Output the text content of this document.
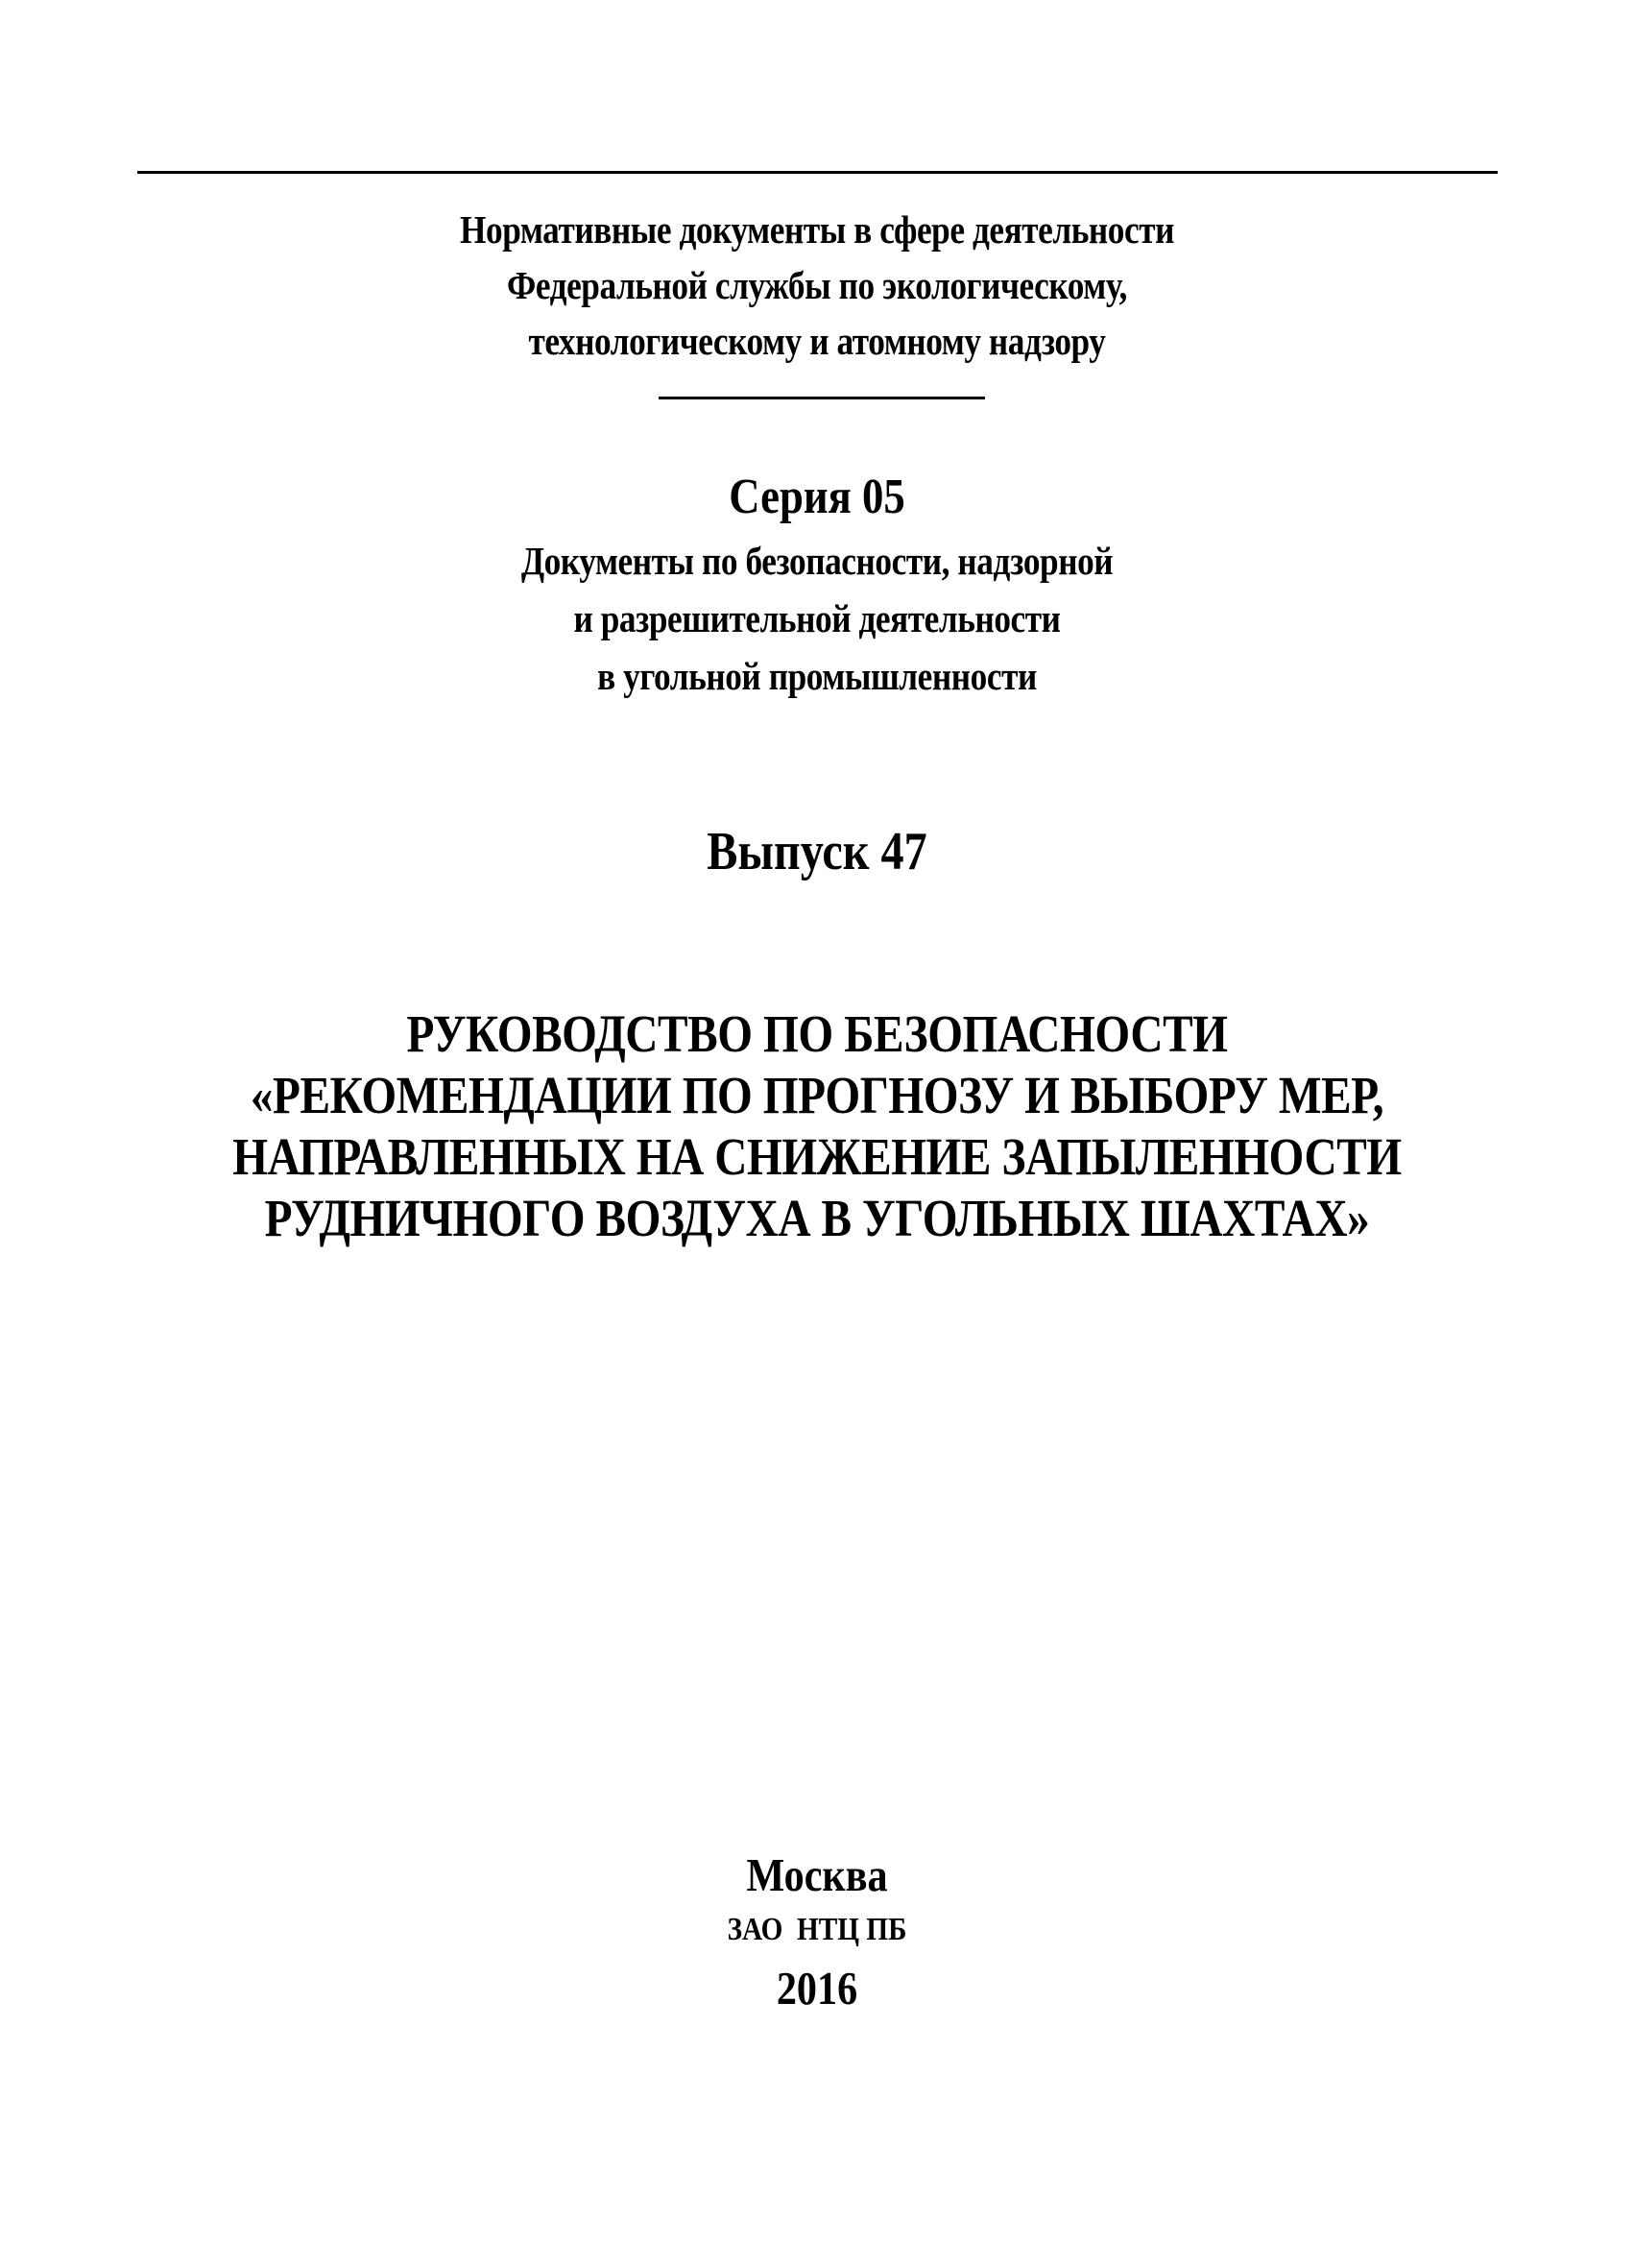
Нормативные документы в сфере деятельности
Федеральной службы по экологическому,
технологическому и атомному надзору
Серия 05
Документы по безопасности, надзорной
и разрешительной деятельности
в угольной промышленности
Выпуск 47
РУКОВОДСТВО ПО БЕЗОПАСНОСТИ
«РЕКОМЕНДАЦИИ ПО ПРОГНОЗУ И ВЫБОРУ МЕР,
НАПРАВЛЕННЫХ НА СНИЖЕНИЕ ЗАПЫЛЕННОСТИ
РУДНИЧНОГО ВОЗДУХА В УГОЛЬНЫХ ШАХТАХ»
Москва
ЗАО  НТЦ ПБ
2016
